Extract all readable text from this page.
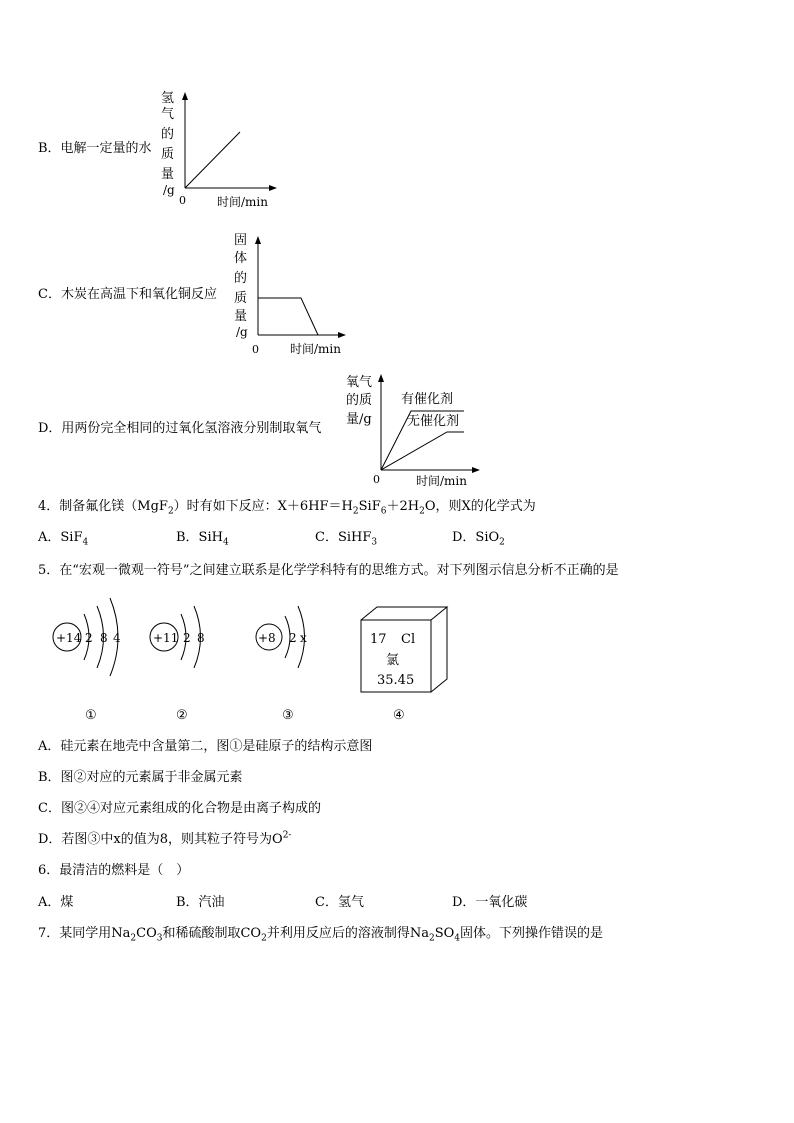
B．电解一定量的水
氢
气
的
质
量
/g
0	时间/min
C．木炭在高温下和氧化铜反应
固
体
的
质
量
/g
0	时间/min
D．用两份完全相同的过氧化氢溶液分别制取氧气
氧气
的质
量/g
有催化剂
无催化剂
0	时间/min
4．制备氟化镁（MgF$_2$）时有如下反应：$X+6HF=H_2SiF_6+2H_2O$，则X的化学式为
A．SiF$_4$	B．SiH$_4$	C．SiHF$_3$	D．SiO$_2$
5．在“宏观一微观一符号”之间建立联系是化学学科特有的思维方式。对下列图示信息分析不正确的是
+14 2 8 4	+11 2 8	+8 2 x	17 Cl
氯
35.45
①	②	③	④
A．硅元素在地壳中含量第二，图①是硅原子的结构示意图
B．图②对应的元素属于非金属元素
C．图②④对应元素组成的化合物是由离子构成的
D．若图③中x的值为8，则其粒子符号为$O^{2-}$
6．最清洁的燃料是（　）
A．煤	B．汽油	C．氢气	D．一氧化碳
7．某同学用$Na_2CO_3$和稀硫酸制取$CO_2$并利用反应后的溶液制得$Na_2SO_4$固体。下列操作错误的是
